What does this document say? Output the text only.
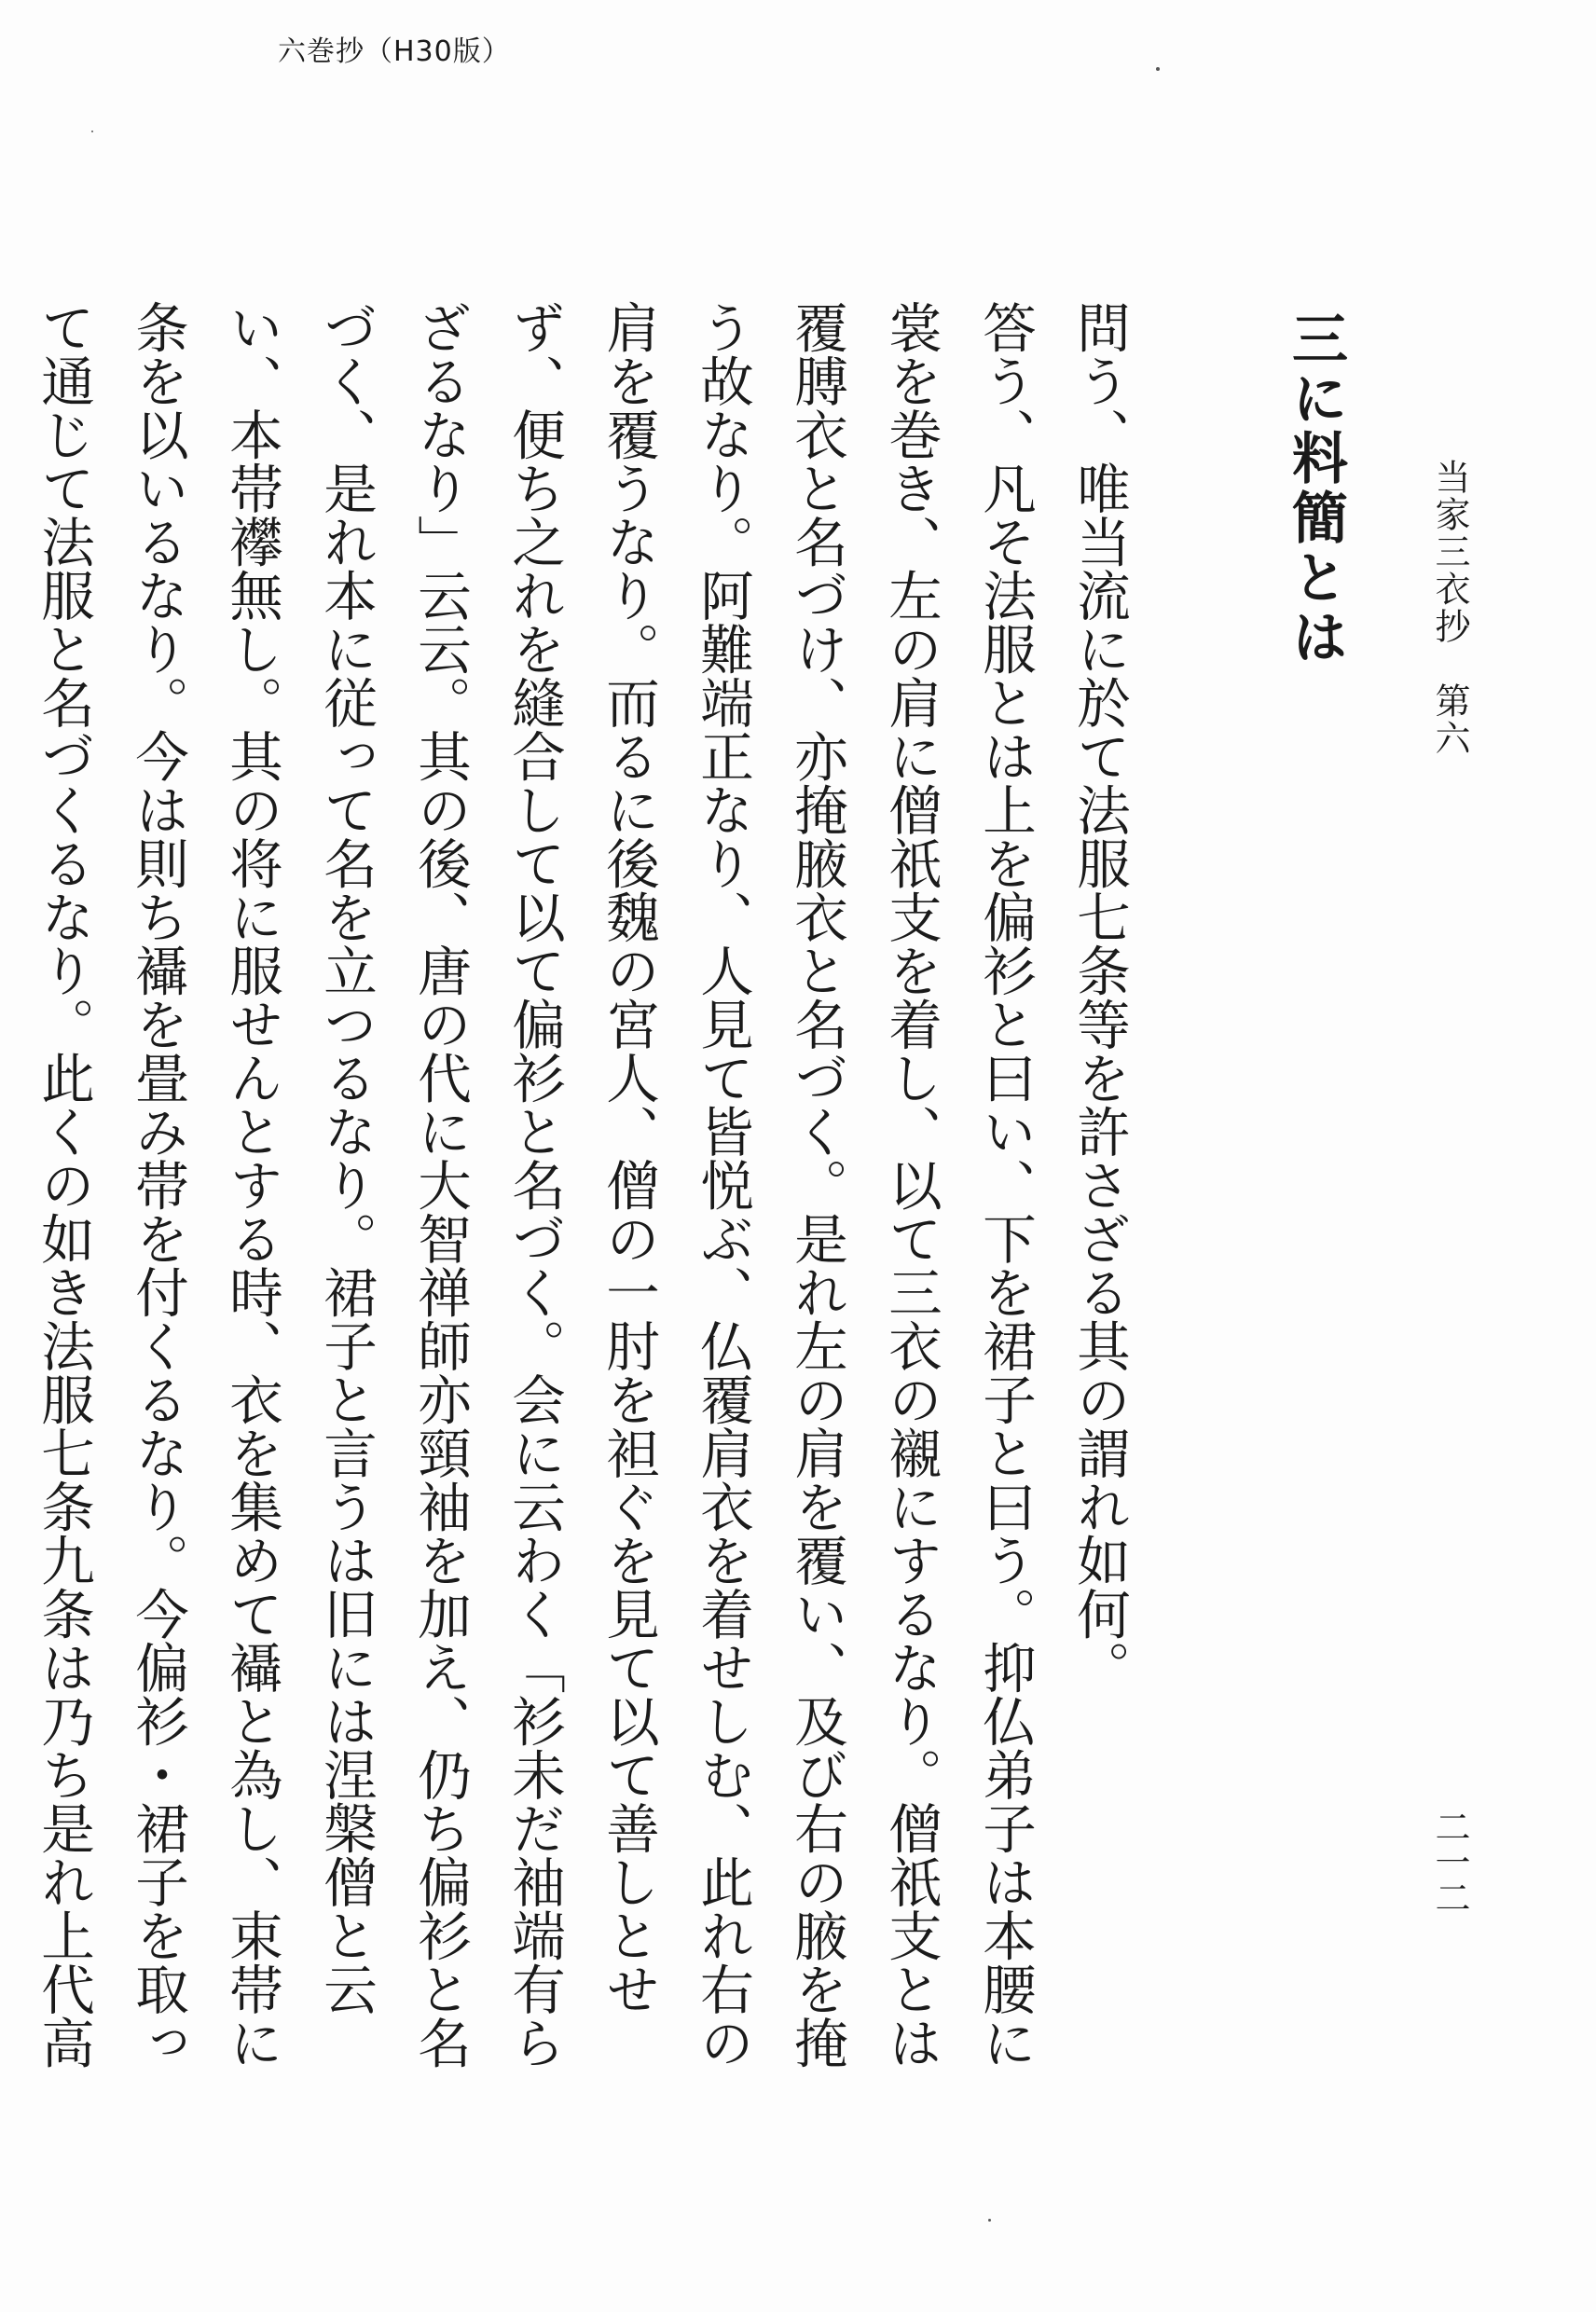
六巻抄（H30版）
当家三衣抄　第六
二一二
三に料簡とは

問う、唯当流に於て法服七条等を許さざる其の謂れ如何。

答う、凡そ法服とは上を偏衫と曰い、下を裙子と曰う。抑仏弟子は本腰に裳を巻き、左の肩に僧祇支を着し、以て三衣の襯にするなり。僧祇支とは覆膊衣と名づけ、亦掩腋衣と名づく。是れ左の肩を覆い、及び右の腋を掩う故なり。阿難端正なり、人見て皆悦ぶ、仏覆肩衣を着せしむ、此れ右の肩を覆うなり。而るに後魏の宮人、僧の一肘を袒ぐを見て以て善しとせず、便ち之れを縫合して以て偏衫と名づく。会に云わく「衫未だ袖端有らざるなり」云云。其の後、唐の代に大智禅師亦頸袖を加え、仍ち偏衫と名づく、是れ本に従って名を立つるなり。裙子と言うは旧には涅槃僧と云い、本帯襻無し。其の将に服せんとする時、衣を集めて襵と為し、束帯に条を以いるなり。今は則ち襵を畳み帯を付くるなり。今偏衫・裙子を取って通じて法服と名づくるなり。此くの如き法服七条九条は乃ち是れ上代高
